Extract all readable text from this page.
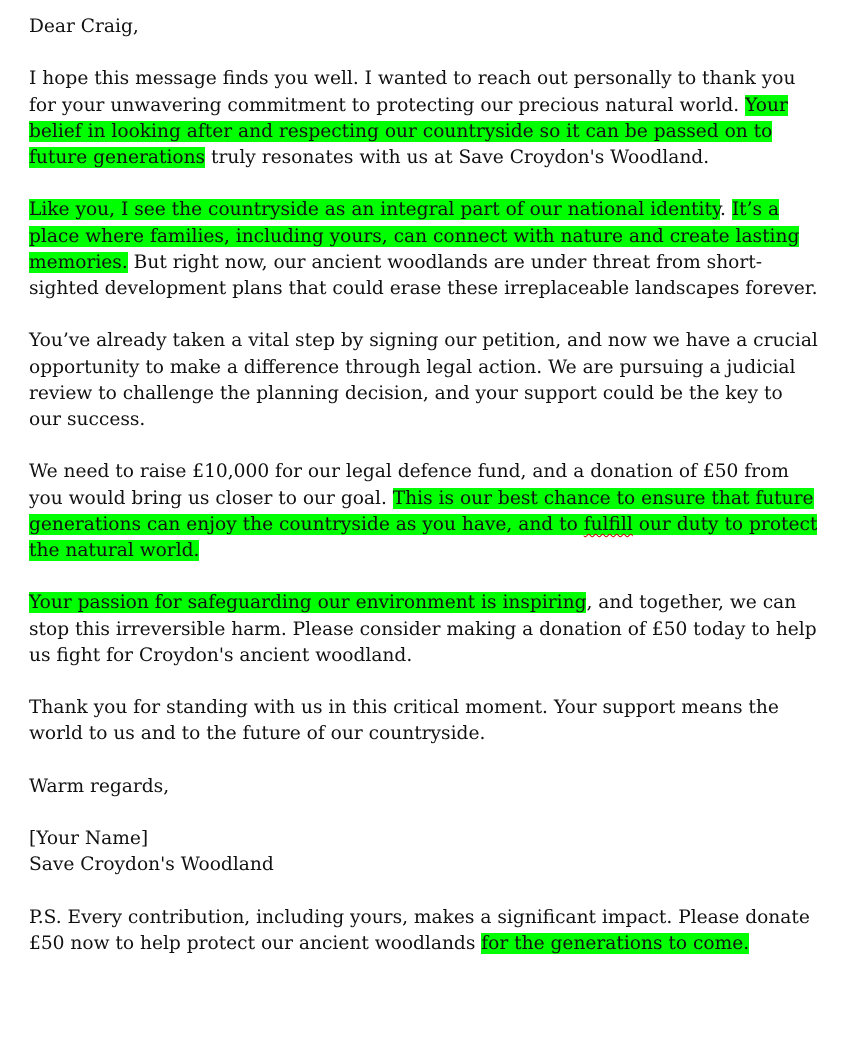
Dear Craig,

I hope this message finds you well. I wanted to reach out personally to thank you for your unwavering commitment to protecting our precious natural world. Your belief in looking after and respecting our countryside so it can be passed on to future generations truly resonates with us at Save Croydon's Woodland.

Like you, I see the countryside as an integral part of our national identity. It’s a place where families, including yours, can connect with nature and create lasting memories. But right now, our ancient woodlands are under threat from short-sighted development plans that could erase these irreplaceable landscapes forever.

You’ve already taken a vital step by signing our petition, and now we have a crucial opportunity to make a difference through legal action. We are pursuing a judicial review to challenge the planning decision, and your support could be the key to our success.

We need to raise £10,000 for our legal defence fund, and a donation of £50 from you would bring us closer to our goal. This is our best chance to ensure that future generations can enjoy the countryside as you have, and to fulfill our duty to protect the natural world.

Your passion for safeguarding our environment is inspiring, and together, we can stop this irreversible harm. Please consider making a donation of £50 today to help us fight for Croydon's ancient woodland.

Thank you for standing with us in this critical moment. Your support means the world to us and to the future of our countryside.

Warm regards,

[Your Name]

Save Croydon's Woodland

P.S. Every contribution, including yours, makes a significant impact. Please donate £50 now to help protect our ancient woodlands for the generations to come.
